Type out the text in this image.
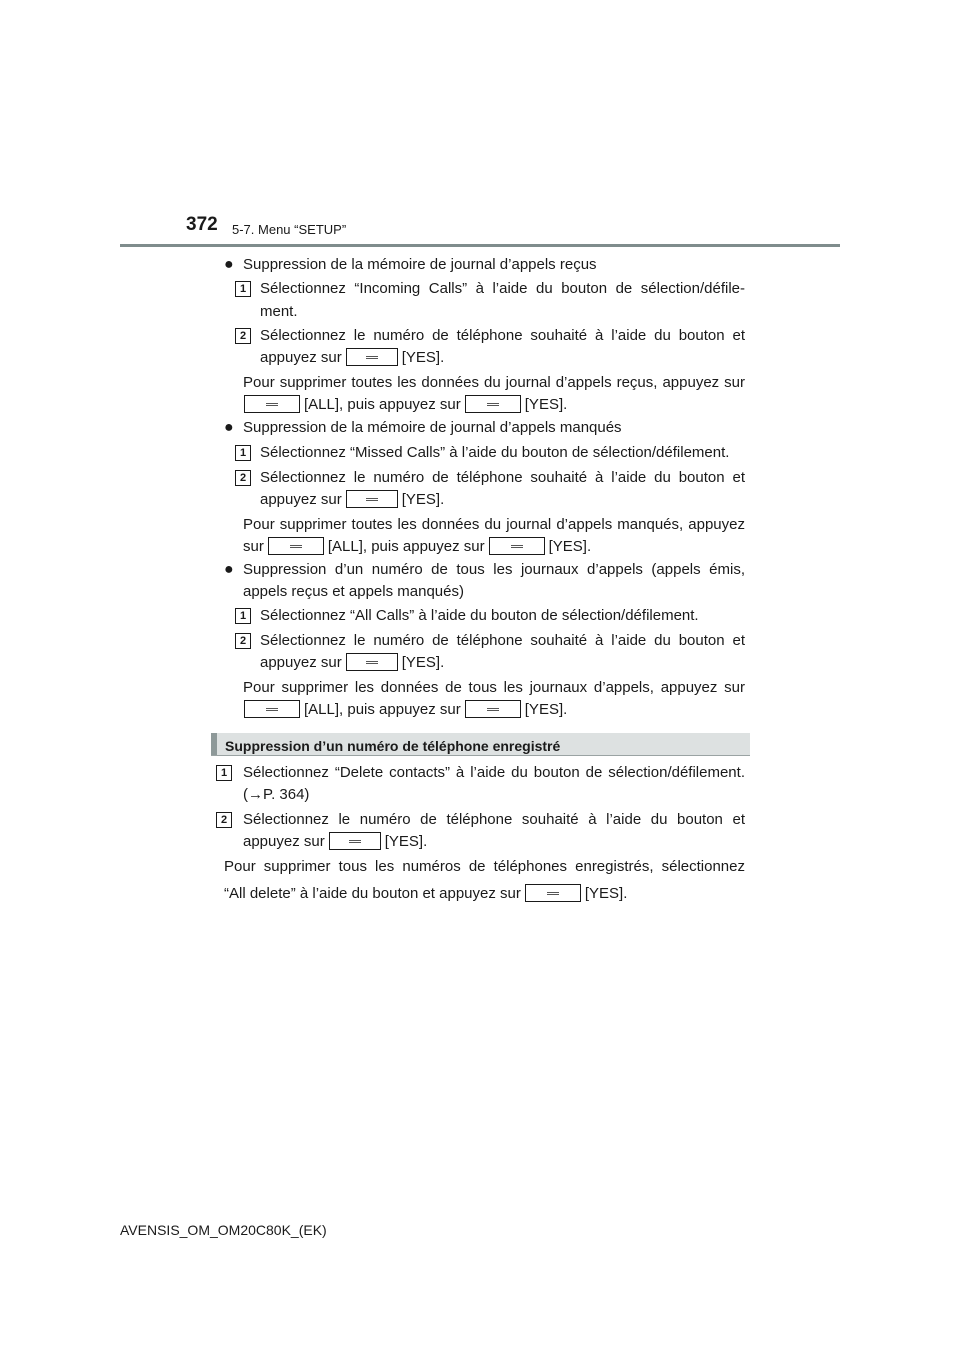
372 5-7. Menu “SETUP”
● Suppression de la mémoire de journal d’appels reçus
1 Sélectionnez “Incoming Calls” à l’aide du bouton de sélection/défile-
ment.
2 Sélectionnez le numéro de téléphone souhaité à l’aide du bouton et
appuyez sur	[YES].
Pour supprimer toutes les données du journal d’appels reçus, appuyez sur
[ALL], puis appuyez sur	[YES].
● Suppression de la mémoire de journal d’appels manqués
1 Sélectionnez “Missed Calls” à l’aide du bouton de sélection/défilement.
2 Sélectionnez le numéro de téléphone souhaité à l’aide du bouton et
appuyez sur	[YES].
Pour supprimer toutes les données du journal d’appels manqués, appuyez
sur	[ALL], puis appuyez sur	[YES].
● Suppression d’un numéro de tous les journaux d’appels (appels émis,
appels reçus et appels manqués)
1 Sélectionnez “All Calls” à l’aide du bouton de sélection/défilement.
2 Sélectionnez le numéro de téléphone souhaité à l’aide du bouton et
appuyez sur	[YES].
Pour supprimer les données de tous les journaux d’appels, appuyez sur
[ALL], puis appuyez sur	[YES].
Suppression d’un numéro de téléphone enregistré
1	Sélectionnez “Delete contacts” à l’aide du bouton de sélection/défilement.
(→P. 364)
2	Sélectionnez le numéro de téléphone souhaité à l’aide du bouton et
appuyez sur	[YES].
Pour supprimer tous les numéros de téléphones enregistrés, sélectionnez
“All delete” à l’aide du bouton et appuyez sur	[YES].
AVENSIS_OM_OM20C80K_(EK)
